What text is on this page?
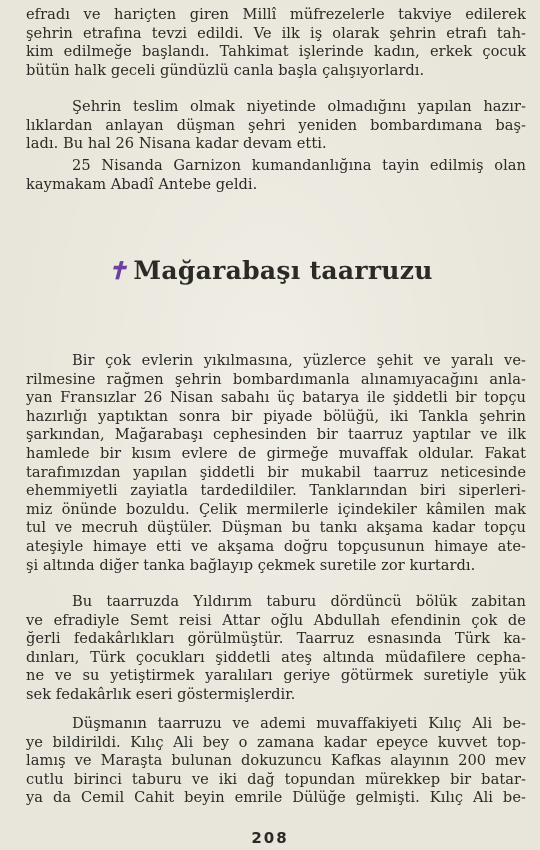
efradı ve hariçten giren Millî müfrezelerle takviye edilerek
şehrin etrafına tevzi edildi. Ve ilk iş olarak şehrin etrafı tah-
kim edilmeğe başlandı. Tahkimat işlerinde kadın, erkek çocuk
bütün halk geceli gündüzlü canla başla çalışıyorlardı.
Şehrin teslim olmak niyetinde olmadığını yapılan hazır-
lıklardan anlayan düşman şehri yeniden bombardımana baş-
ladı. Bu hal 26 Nisana kadar devam etti.
25 Nisanda Garnizon kumandanlığına tayin edilmiş olan
kaymakam Abadî Antebe geldi.
✝ Mağarabaşı taarruzu
Bir çok evlerin yıkılmasına, yüzlerce şehit ve yaralı ve-
rilmesine rağmen şehrin bombardımanla alınamıyacağını anla-
yan Fransızlar 26 Nisan sabahı üç batarya ile şiddetli bir topçu
hazırlığı yaptıktan sonra bir piyade bölüğü, iki Tankla şehrin
şarkından, Mağarabaşı cephesinden bir taarruz yaptılar ve ilk
hamlede bir kısım evlere de girmeğe muvaffak oldular. Fakat
tarafımızdan yapılan şiddetli bir mukabil taarruz neticesinde
ehemmiyetli zayiatla tardedildiler. Tanklarından biri siperleri-
miz önünde bozuldu. Çelik mermilerle içindekiler kâmilen mak
tul ve mecruh düştüler. Düşman bu tankı akşama kadar topçu
ateşiyle himaye etti ve akşama doğru topçusunun himaye ate-
şi altında diğer tanka bağlayıp çekmek suretile zor kurtardı.
Bu taarruzda Yıldırım taburu dördüncü bölük zabitan
ve efradiyle Semt reisi Attar oğlu Abdullah efendinin çok de
ğerli fedakârlıkları görülmüştür. Taarruz esnasında Türk ka-
dınları, Türk çocukları şiddetli ateş altında müdafilere cepha-
ne ve su yetiştirmek yaralıları geriye götürmek suretiyle yük
sek fedakârlık eseri göstermişlerdir.
Düşmanın taarruzu ve ademi muvaffakiyeti Kılıç Ali be-
ye bildirildi. Kılıç Ali bey o zamana kadar epeyce kuvvet top-
lamış ve Maraşta bulunan dokuzuncu Kafkas alayının 200 mev
cutlu birinci taburu ve iki dağ topundan mürekkep bir batar-
ya da Cemil Cahit beyin emrile Dülüğe gelmişti. Kılıç Ali be-
208
